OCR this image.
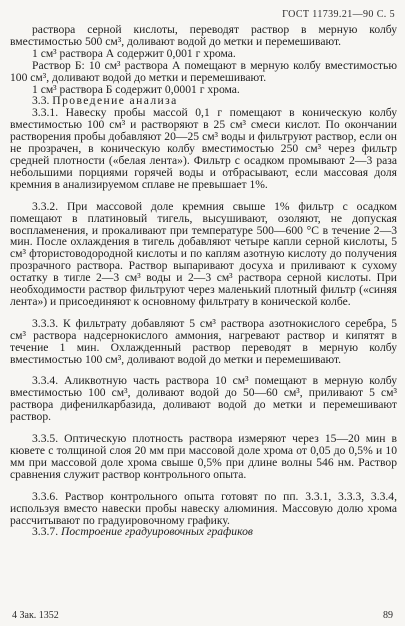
ГОСТ 11739.21—90 С. 5

раствора серной кислоты, переводят раствор в мерную колбу вместимостью 500 см³, доливают водой до метки и перемешивают.

1 см³ раствора А содержит 0,001 г хрома.

Раствор Б: 10 см³ раствора А помещают в мерную колбу вместимостью 100 см³, доливают водой до метки и перемешивают.

1 см³ раствора Б содержит 0,0001 г хрома.

3.3. Проведение анализа

3.3.1. Навеску пробы массой 0,1 г помещают в коническую колбу вместимостью 100 см³ и растворяют в 25 см³ смеси кислот. По окончании растворения пробы добавляют 20—25 см³ воды и фильтруют раствор, если он не прозрачен, в коническую колбу вместимостью 250 см³ через фильтр средней плотности («белая лента»). Фильтр с осадком промывают 2—3 раза небольшими порциями горячей воды и отбрасывают, если массовая доля кремния в анализируемом сплаве не превышает 1%.

3.3.2. При массовой доле кремния свыше 1% фильтр с осадком помещают в платиновый тигель, высушивают, озоляют, не допуская воспламенения, и прокаливают при температуре 500—600 °С в течение 2—3 мин. После охлаждения в тигель добавляют четыре капли серной кислоты, 5 см³ фтористоводородной кислоты и по каплям азотную кислоту до получения прозрачного раствора. Раствор выпаривают досуха и приливают к сухому остатку в тигле 2—3 см³ воды и 2—3 см³ раствора серной кислоты. При необходимости раствор фильтруют через маленький плотный фильтр («синяя лента») и присоединяют к основному фильтрату в конической колбе.

3.3.3. К фильтрату добавляют 5 см³ раствора азотнокислого серебра, 5 см³ раствора надсернокислого аммония, нагревают раствор и кипятят в течение 1 мин. Охлажденный раствор переводят в мерную колбу вместимостью 100 см³, доливают водой до метки и перемешивают.

3.3.4. Аликвотную часть раствора 10 см³ помещают в мерную колбу вместимостью 100 см³, доливают водой до 50—60 см³, приливают 5 см³ раствора дифенилкарбазида, доливают водой до метки и перемешивают раствор.

3.3.5. Оптическую плотность раствора измеряют через 15—20 мин в кювете с толщиной слоя 20 мм при массовой доле хрома от 0,05 до 0,5% и 10 мм при массовой доле хрома свыше 0,5% при длине волны 546 нм. Раствор сравнения служит раствор контрольного опыта.

3.3.6. Раствор контрольного опыта готовят по пп. 3.3.1, 3.3.3, 3.3.4, используя вместо навески пробы навеску алюминия. Массовую долю хрома рассчитывают по градуировочному графику.

3.3.7. Построение градуировочных графиков

4 Зак. 1352	89
